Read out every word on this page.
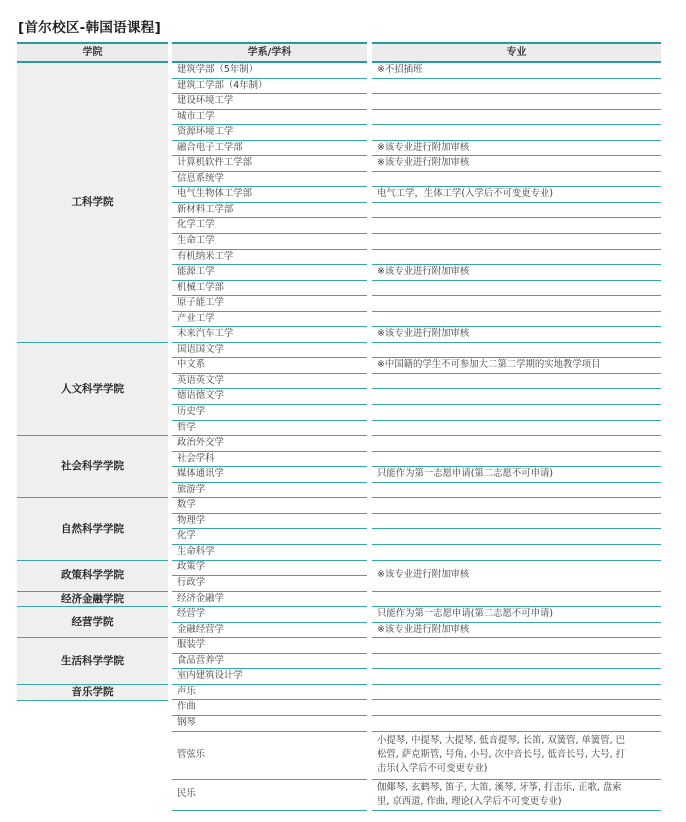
[首尔校区-韩国语课程]
学院
工科学院
人文科学学院
社会科学学院
自然科学学院
政策科学学院
经济金融学院
经营学院
生活科学学院
音乐学院
学系/学科
建筑学部（5年制）
建筑工学部（4年制）
建设环境工学
城市工学
资源环境工学
融合电子工学部
计算机软件工学部
信息系统学
电气生物体工学部
新材料工学部
化学工学
生命工学
有机纳米工学
能源工学
机械工学部
原子能工学
产业工学
未来汽车工学
国语国文学
中文系
英语英文学
德语德文学
历史学
哲学
政治外交学
社会学科
媒体通讯学
旅游学
数学
物理学
化学
生命科学
政策学
行政学
经济金融学
经营学
金融经营学
服装学
食品营养学
室内建筑设计学
声乐
作曲
钢琴
管弦乐
民乐
专业
※不招插班
※该专业进行附加审核
※该专业进行附加审核
电气工学，生体工学(入学后不可变更专业)
※该专业进行附加审核
※该专业进行附加审核
※中国籍的学生不可参加大二第二学期的实地教学项目
只能作为第一志愿申请(第二志愿不可申请)
※该专业进行附加审核
只能作为第一志愿申请(第二志愿不可申请)
※该专业进行附加审核
小提琴, 中提琴, 大提琴, 低音提琴, 长笛, 双簧管, 单簧管, 巴
松管, 萨克斯管, 号角, 小号, 次中音长号, 低音长号, 大号, 打
击乐(入学后不可变更专业)
伽倻琴, 玄鹤琴, 笛子, 大笛, 溪琴, 牙筝, 打击乐, 正歌, 盘索
里, 京西道, 作曲, 理论(入学后不可变更专业)
